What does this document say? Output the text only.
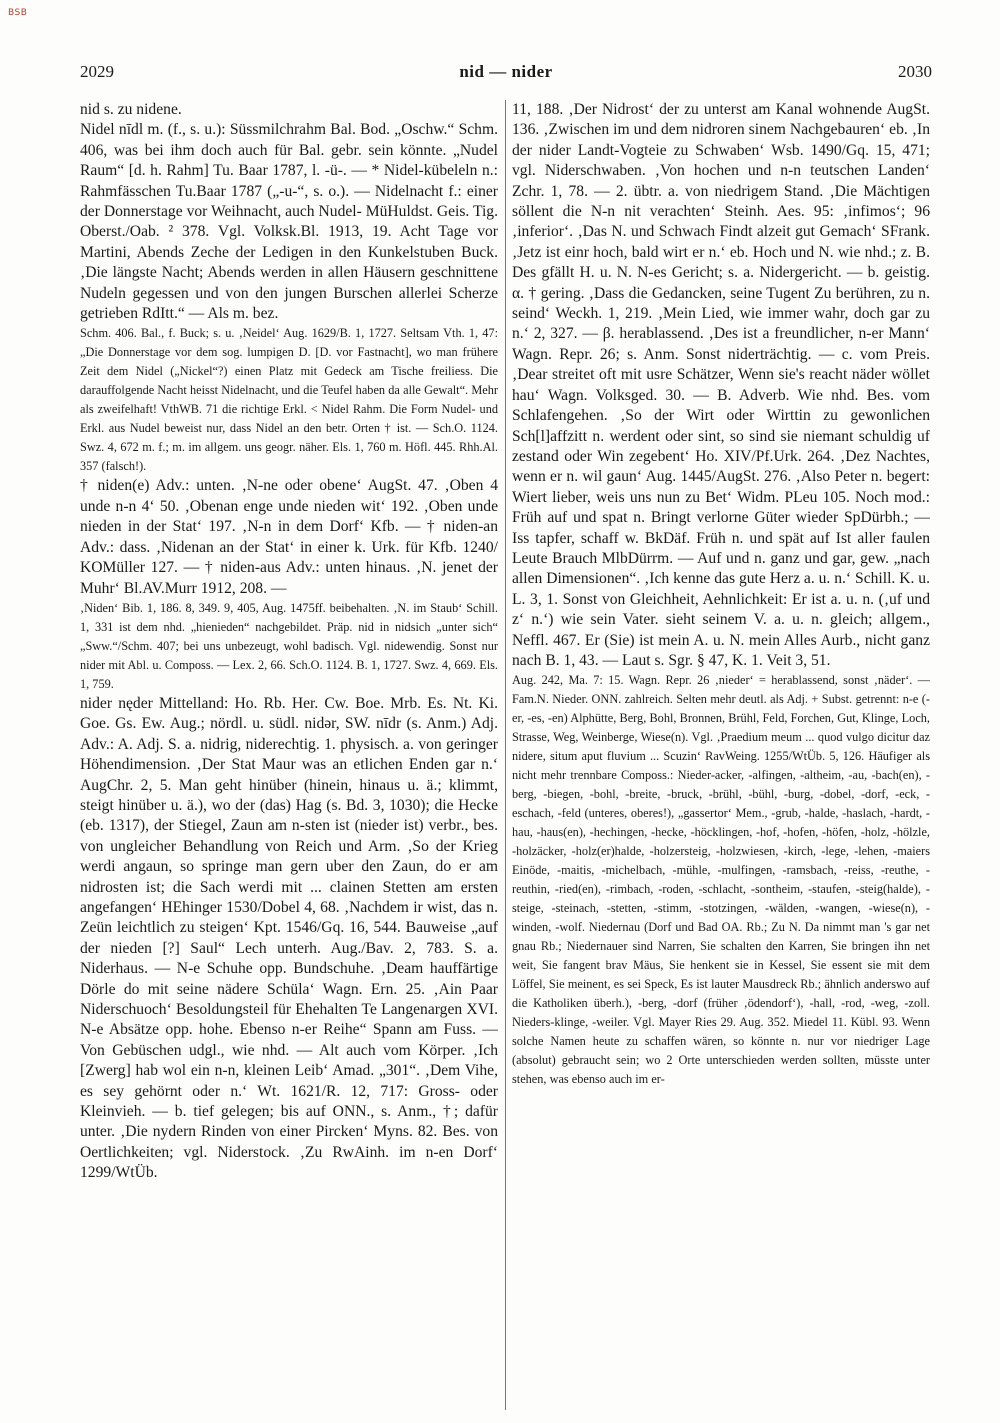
BSB
2029	nid — nider	2030

nid s. zu nidene.

Nidel nīdl m. (f., s. u.): Süssmilchrahm Bal. Bod. „Oschw.“ Schm. 406, was bei ihm doch auch für Bal. gebr. sein könnte. „Nudel Raum“ [d. h. Rahm] Tu. Baar 1787, l. -ü-. — * Nidel-kübeleln n.: Rahmfässchen Tu.Baar 1787 („-u-“, s. o.). — Nidelnacht f.: einer der Donnerstage vor Weihnacht, auch Nudel- MüHuldst. Geis. Tig. Oberst./Oab. ² 378. Vgl. Volksk.Bl. 1913, 19. Acht Tage vor Martini, Abends Zeche der Ledigen in den Kunkelstuben Buck. ‚Die längste Nacht; Abends werden in allen Häusern geschnittene Nudeln gegessen und von den jungen Burschen allerlei Scherze getrieben RdItt.“ — Als m. bez.

Schm. 406. Bal., f. Buck; s. u. ‚Neidel‘ Aug. 1629/B. 1, 1727. Seltsam Vth. 1, 47: „Die Donnerstage vor dem sog. lumpigen D. [D. vor Fastnacht], wo man frühere Zeit dem Nidel („Nickel“?) einen Platz mit Gedeck am Tische freiliess. Die darauffolgende Nacht heisst Nidelnacht, und die Teufel haben da alle Gewalt“. Mehr als zweifelhaft! VthWB. 71 die richtige Erkl. < Nidel Rahm. Die Form Nudel- und Erkl. aus Nudel beweist nur, dass Nidel an den betr. Orten † ist. — Sch.O. 1124. Swz. 4, 672 m. f.; m. im allgem. uns geogr. näher. Els. 1, 760 m. Höfl. 445. Rhh.Al. 357 (falsch!).

† niden(e) Adv.: unten. ‚N-ne oder obene‘ AugSt. 47. ‚Oben 4 unde n-n 4‘ 50. ‚Obenan enge unde nieden wit‘ 192. ‚Oben unde nieden in der Stat‘ 197. ‚N-n in dem Dorf‘ Kfb. — † niden-an Adv.: dass. ‚Nidenan an der Stat‘ in einer k. Urk. für Kfb. 1240/ KOMüller 127. — † niden-aus Adv.: unten hinaus. ‚N. jenet der Muhr‘ Bl.AV.Murr 1912, 208. —

‚Niden‘ Bib. 1, 186. 8, 349. 9, 405, Aug. 1475ff. beibehalten. ‚N. im Staub‘ Schill. 1, 331 ist dem nhd. „hienieden“ nachgebildet. Präp. nid in nidsich „unter sich“ „Sww.“/Schm. 407; bei uns unbezeugt, wohl badisch. Vgl. nidewendig. Sonst nur nider mit Abl. u. Composs. — Lex. 2, 66. Sch.O. 1124. B. 1, 1727. Swz. 4, 669. Els. 1, 759.

nider nęder Mittelland: Ho. Rb. Her. Cw. Boe. Mrb. Es. Nt. Ki. Goe. Gs. Ew. Aug.; nördl. u. südl. nidər, SW. nīdr (s. Anm.) Adj. Adv.: A. Adj. S. a. nidrig, niderechtig. 1. physisch. a. von geringer Höhendimension. ‚Der Stat Maur was an etlichen Enden gar n.‘ AugChr. 2, 5. Man geht hinüber (hinein, hinaus u. ä.; klimmt, steigt hinüber u. ä.), wo der (das) Hag (s. Bd. 3, 1030); die Hecke (eb. 1317), der Stiegel, Zaun am n-sten ist (nieder ist) verbr., bes. von ungleicher Behandlung von Reich und Arm. ‚So der Krieg werdi angaun, so springe man gern uber den Zaun, do er am nidrosten ist; die Sach werdi mit ... clainen Stetten am ersten angefangen‘ HEhinger 1530/Dobel 4, 68. ‚Nachdem ir wist, das n. Zeün leichtlich zu steigen‘ Kpt. 1546/Gq. 16, 544. Bauweise „auf der nieden [?] Saul“ Lech unterh. Aug./Bav. 2, 783. S. a. Niderhaus. — N-e Schuhe opp. Bundschuhe. ‚Deam hauffärtige Dörle do mit seine nädere Schüla‘ Wagn. Ern. 25. ‚Ain Paar Niderschuoch‘ Besoldungsteil für Ehehalten Te Langenargen XVI. N-e Absätze opp. hohe. Ebenso n-er Reihe“ Spann am Fuss. — Von Gebüschen udgl., wie nhd. — Alt auch vom Körper. ‚Ich [Zwerg] hab wol ein n-n, kleinen Leib‘ Amad. „301“. ‚Dem Vihe, es sey gehörnt oder n.‘ Wt. 1621/R. 12, 717: Gross- oder Kleinvieh. — b. tief gelegen; bis auf ONN., s. Anm., †; dafür unter. ‚Die nydern Rinden von einer Pircken‘ Myns. 82. Bes. von Oertlichkeiten; vgl. Niderstock. ‚Zu RwAinh. im n-en Dorf‘ 1299/WtÜb.

11, 188. ‚Der Nidrost‘ der zu unterst am Kanal wohnende AugSt. 136. ‚Zwischen im und dem nidroren sinem Nachgebauren‘ eb. ‚In der nider Landt-Vogteie zu Schwaben‘ Wsb. 1490/Gq. 15, 471; vgl. Niderschwaben. ‚Von hochen und n-n teutschen Landen‘ Zchr. 1, 78. — 2. übtr. a. von niedrigem Stand. ‚Die Mächtigen söllent die N-n nit verachten‘ Steinh. Aes. 95: ‚infimos‘; 96 ‚inferior‘. ‚Das N. und Schwach Findt alzeit gut Gemach‘ SFrank. ‚Jetz ist einr hoch, bald wirt er n.‘ eb. Hoch und N. wie nhd.; z. B. Des gfällt H. u. N. N-es Gericht; s. a. Nidergericht. — b. geistig. α. † gering. ‚Dass die Gedancken, seine Tugent Zu berühren, zu n. seind‘ Weckh. 1, 219. ‚Mein Lied, wie immer wahr, doch gar zu n.‘ 2, 327. — β. herablassend. ‚Des ist a freundlicher, n-er Mann‘ Wagn. Repr. 26; s. Anm. Sonst niderträchtig. — c. vom Preis. ‚Dear streitet oft mit usre Schätzer, Wenn sie's reacht näder wöllet hau‘ Wagn. Volksged. 30. — B. Adverb. Wie nhd. Bes. vom Schlafengehen. ‚So der Wirt oder Wirttin zu gewonlichen Sch[l]affzitt n. werdent oder sint, so sind sie niemant schuldig uf zestand oder Win zegebent‘ Ho. XIV/Pf.Urk. 264. ‚Dez Nachtes, wenn er n. wil gaun‘ Aug. 1445/AugSt. 276. ‚Also Peter n. begert: Wiert lieber, weis uns nun zu Bet‘ Widm. PLeu 105. Noch mod.: Früh auf und spat n. Bringt verlorne Güter wieder SpDürbh.; — Iss tapfer, schaff w. BkDäf. Früh n. und spät auf Ist aller faulen Leute Brauch MlbDürrm. — Auf und n. ganz und gar, gew. „nach allen Dimensionen“. ‚Ich kenne das gute Herz a. u. n.‘ Schill. K. u. L. 3, 1. Sonst von Gleichheit, Aehnlichkeit: Er ist a. u. n. (‚uf und z‘ n.‘) wie sein Vater. sieht seinem V. a. u. n. gleich; allgem., Neffl. 467. Er (Sie) ist mein A. u. N. mein Alles Aurb., nicht ganz nach B. 1, 43. — Laut s. Sgr. § 47, K. 1. Veit 3, 51.

Aug. 242, Ma. 7: 15. Wagn. Repr. 26 ‚nieder‘ = herablassend, sonst ‚näder‘. — Fam.N. Nieder. ONN. zahlreich. Selten mehr deutl. als Adj. + Subst. getrennt: n-e (-er, -es, -en) Alphütte, Berg, Bohl, Bronnen, Brühl, Feld, Forchen, Gut, Klinge, Loch, Strasse, Weg, Weinberge, Wiese(n). Vgl. ‚Praedium meum ... quod vulgo dicitur daz nidere, situm aput fluvium ... Scuzin‘ RavWeing. 1255/WtÜb. 5, 126. Häufiger als nicht mehr trennbare Composs.: Nieder-acker, -alfingen, -altheim, -au, -bach(en), -berg, -biegen, -bohl, -breite, -bruck, -brühl, -bühl, -burg, -dobel, -dorf, -eck, -eschach, -feld (unteres, oberes!), „gassertor‘ Mem., -grub, -halde, -haslach, -hardt, -hau, -haus(en), -hechingen, -hecke, -höcklingen, -hof, -hofen, -höfen, -holz, -hölzle, -holzäcker, -holz(er)halde, -holzersteig, -holzwiesen, -kirch, -lege, -lehen, -maiers Einöde, -maitis, -michelbach, -mühle, -mulfingen, -ramsbach, -reiss, -reuthe, -reuthin, -ried(en), -rimbach, -roden, -schlacht, -sontheim, -staufen, -steig(halde), -steige, -steinach, -stetten, -stimm, -stotzingen, -wälden, -wangen, -wiese(n), -winden, -wolf. Niedernau (Dorf und Bad OA. Rb.; Zu N. Da nimmt man 's gar net gnau Rb.; Niedernauer sind Narren, Sie schalten den Karren, Sie bringen ihn net weit, Sie fangent brav Mäus, Sie henkent sie in Kessel, Sie essent sie mit dem Löffel, Sie meinent, es sei Speck, Es ist lauter Mausdreck Rb.; ähnlich anderswo auf die Katholiken überh.), -berg, -dorf (früher ‚ödendorf‘), -hall, -rod, -weg, -zoll. Nieders-klinge, -weiler. Vgl. Mayer Ries 29. Aug. 352. Miedel 11. Kübl. 93. Wenn solche Namen heute zu schaffen wären, so könnte n. nur vor niedriger Lage (absolut) gebraucht sein; wo 2 Orte unterschieden werden sollten, müsste unter stehen, was ebenso auch im er-
